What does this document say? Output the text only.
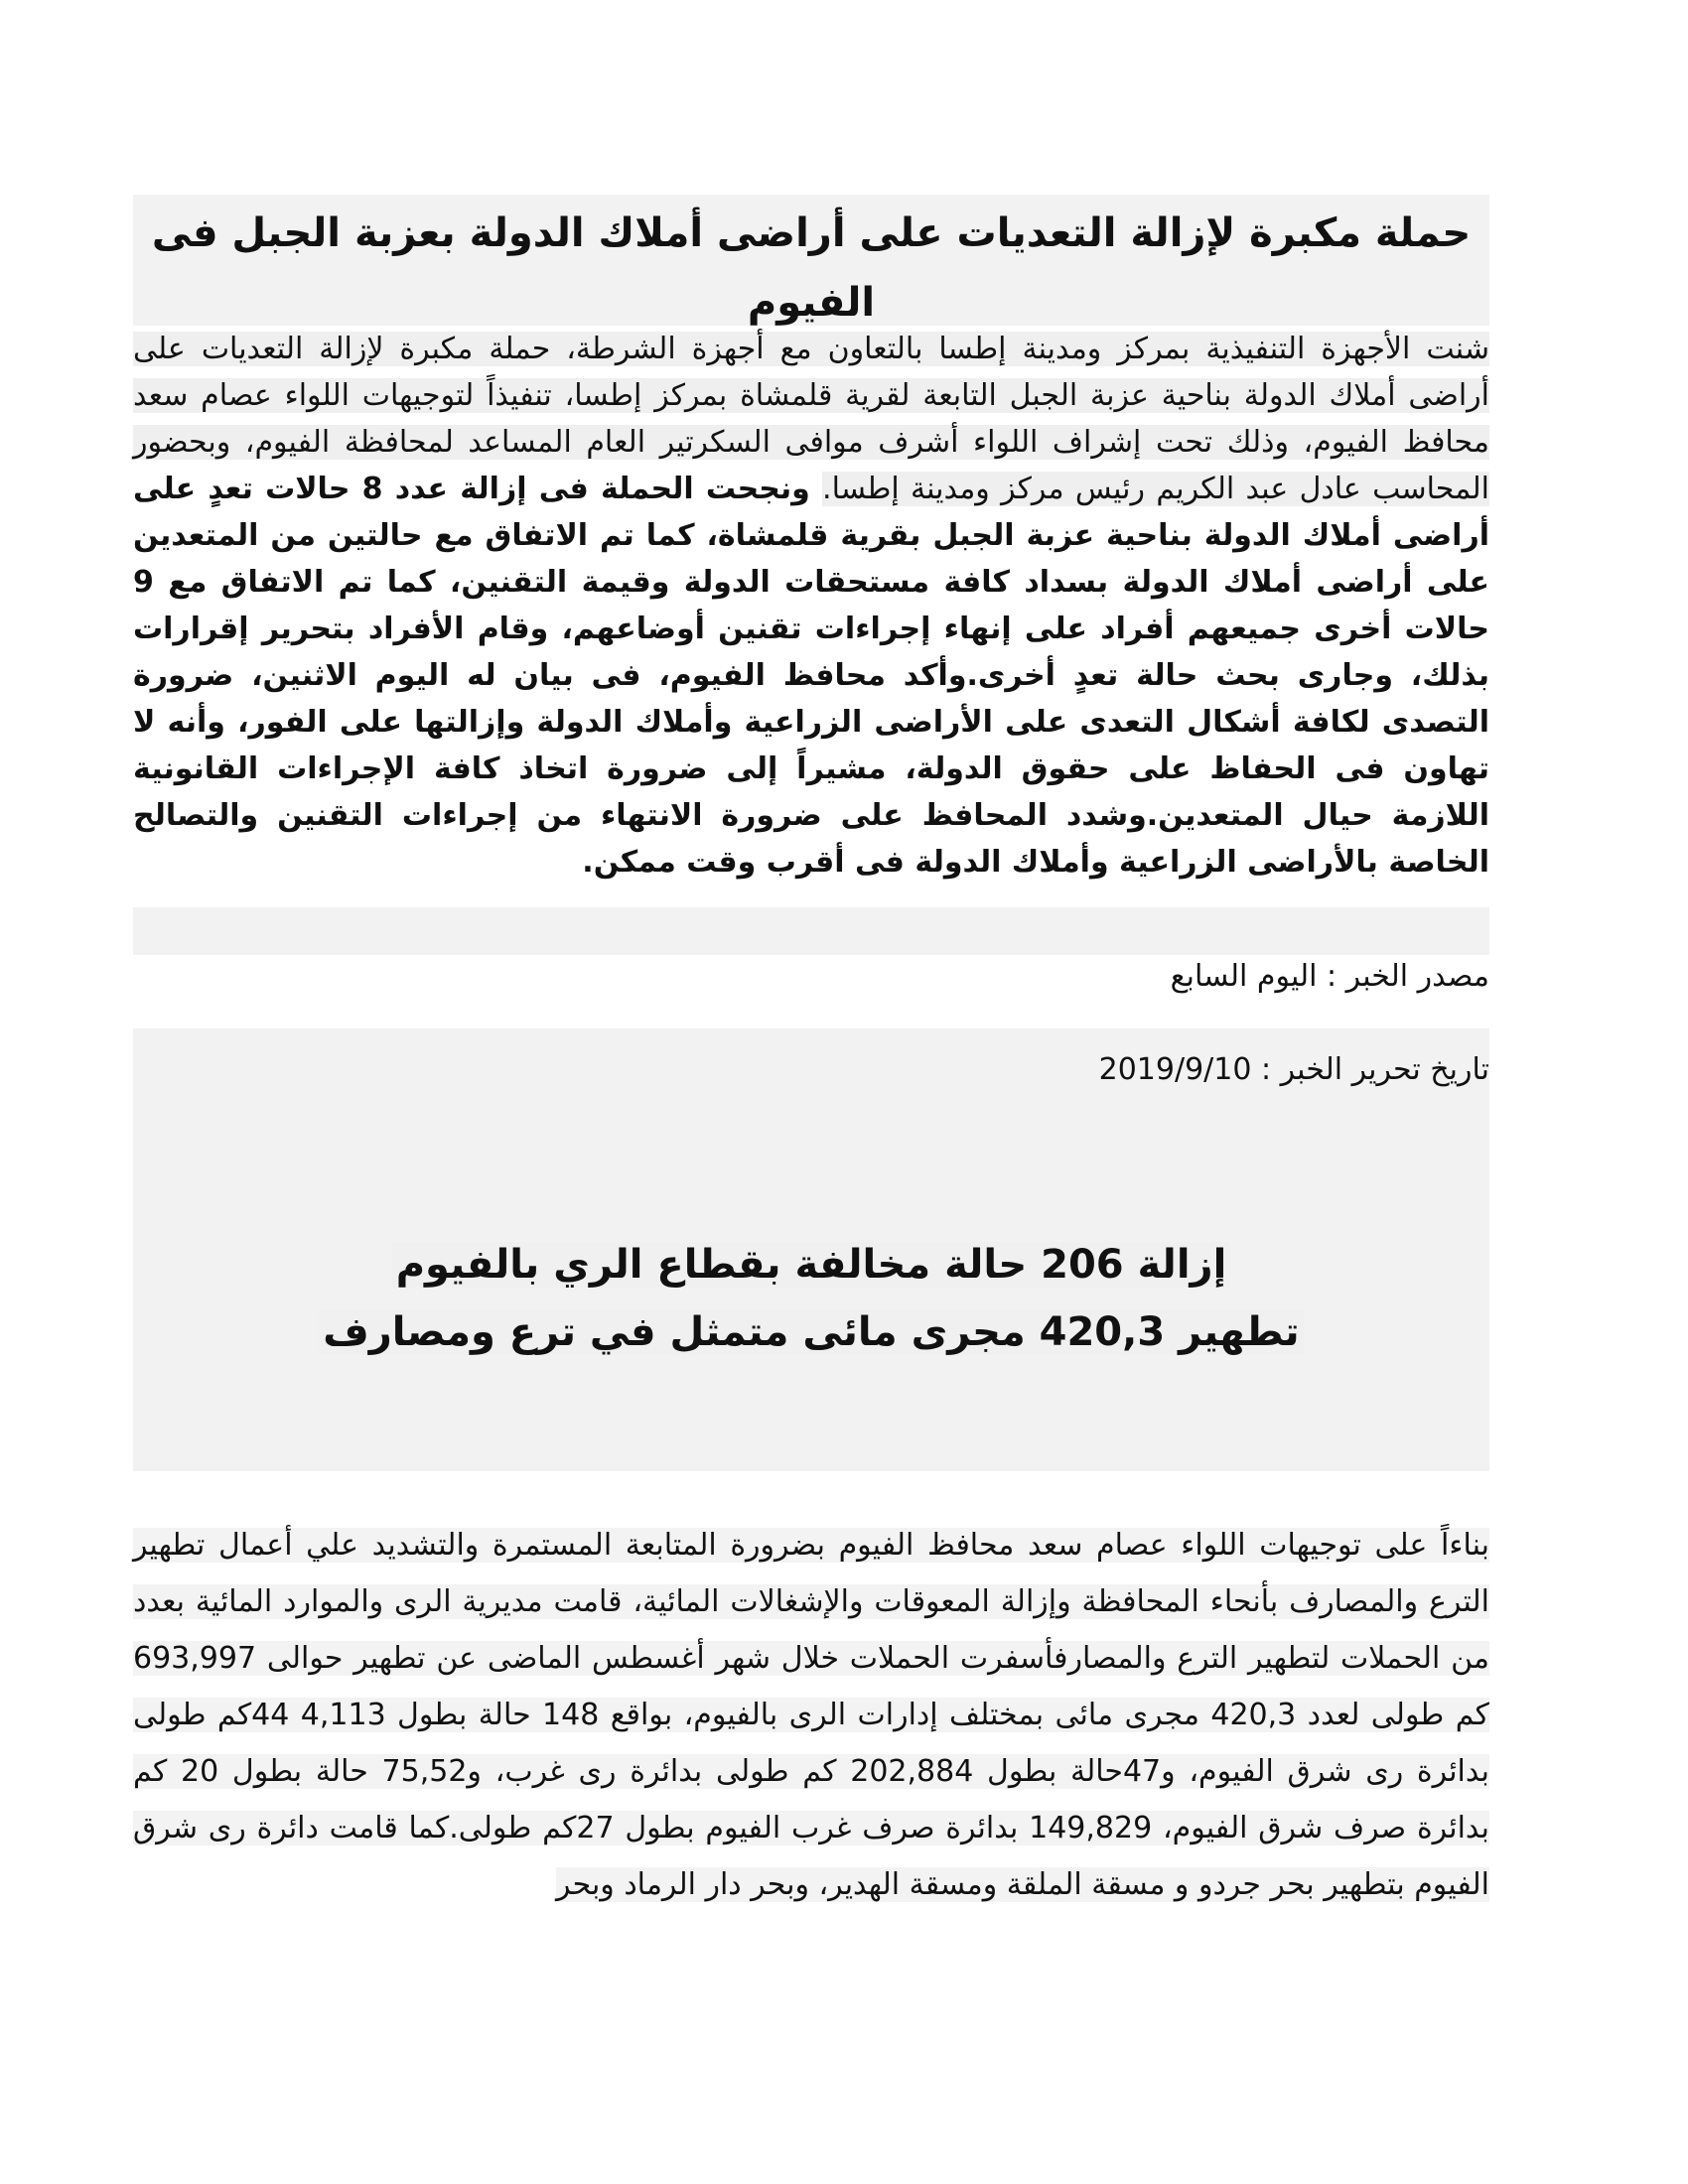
حملة مكبرة لإزالة التعديات على أراضى أملاك الدولة بعزبة الجبل فى الفيوم
شنت الأجهزة التنفيذية بمركز ومدينة إطسا بالتعاون مع أجهزة الشرطة، حملة مكبرة لإزالة التعديات على أراضى أملاك الدولة بناحية عزبة الجبل التابعة لقرية قلمشاة بمركز إطسا، تنفيذاً لتوجيهات اللواء عصام سعد محافظ الفيوم، وذلك تحت إشراف اللواء أشرف موافى السكرتير العام المساعد لمحافظة الفيوم، وبحضور المحاسب عادل عبد الكريم رئيس مركز ومدينة إطسا. ونجحت الحملة فى إزالة عدد 8 حالات تعدٍ على أراضى أملاك الدولة بناحية عزبة الجبل بقرية قلمشاة، كما تم الاتفاق مع حالتين من المتعدين على أراضى أملاك الدولة بسداد كافة مستحقات الدولة وقيمة التقنين، كما تم الاتفاق مع 9 حالات أخرى جميعهم أفراد على إنهاء إجراءات تقنين أوضاعهم، وقام الأفراد بتحرير إقرارات بذلك، وجارى بحث حالة تعدٍ أخرى.وأكد محافظ الفيوم، فى بيان له اليوم الاثنين، ضرورة التصدى لكافة أشكال التعدى على الأراضى الزراعية وأملاك الدولة وإزالتها على الفور، وأنه لا تهاون فى الحفاظ على حقوق الدولة، مشيراً إلى ضرورة اتخاذ كافة الإجراءات القانونية اللازمة حيال المتعدين.وشدد المحافظ على ضرورة الانتهاء من إجراءات التقنين والتصالح الخاصة بالأراضى الزراعية وأملاك الدولة فى أقرب وقت ممكن.
مصدر الخبر : اليوم السابع
تاريخ تحرير الخبر : 2019/9/10
إزالة 206 حالة مخالفة بقطاع الري بالفيوم
تطهير 420,3 مجرى مائى متمثل في ترع ومصارف
بناءاً على توجيهات اللواء عصام سعد محافظ الفيوم بضرورة المتابعة المستمرة والتشديد علي أعمال تطهير الترع والمصارف بأنحاء المحافظة وإزالة المعوقات والإشغالات المائية، قامت مديرية الرى والموارد المائية بعدد من الحملات لتطهير الترع والمصارفأسفرت الحملات خلال شهر أغسطس الماضى عن تطهير حوالى 693,997 كم طولى لعدد 420,3 مجرى مائى بمختلف إدارات الرى بالفيوم، بواقع 148 حالة بطول 4,113 44كم طولى بدائرة رى شرق الفيوم، و47حالة بطول 202,884 كم طولى بدائرة رى غرب، و75,52 حالة بطول 20 كم بدائرة صرف شرق الفيوم، 149,829 بدائرة صرف غرب الفيوم بطول 27كم طولى.كما قامت دائرة رى شرق الفيوم بتطهير بحر جردو و مسقة الملقة ومسقة الهدير، وبحر دار الرماد وبحر
